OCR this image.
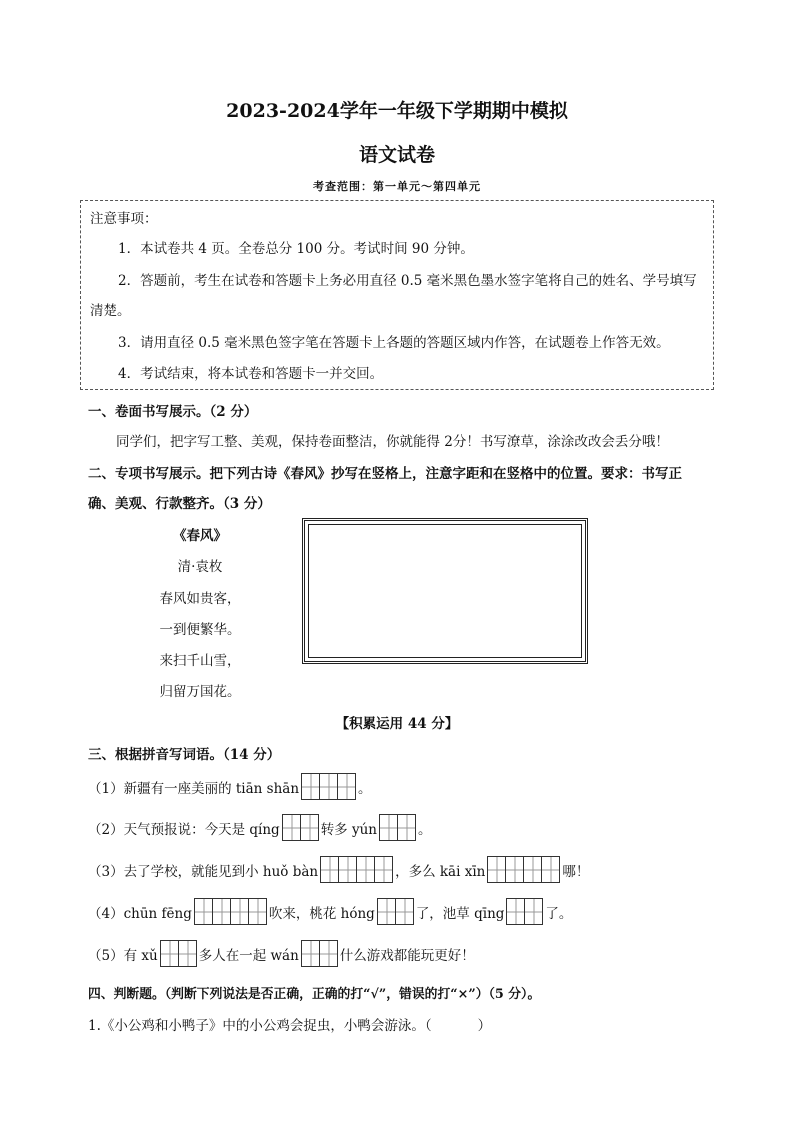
2023-2024学年一年级下学期期中模拟
语文试卷
考查范围：第一单元～第四单元
注意事项：
1．本试卷共 4 页。全卷总分 100 分。考试时间 90 分钟。
2．答题前，考生在试卷和答题卡上务必用直径 0.5 毫米黑色墨水签字笔将自己的姓名、学号填写
清楚。
3．请用直径 0.5 毫米黑色签字笔在答题卡上各题的答题区域内作答，在试题卷上作答无效。
4．考试结束，将本试卷和答题卡一并交回。
一、卷面书写展示。（2 分）
同学们，把字写工整、美观，保持卷面整洁，你就能得 2分！书写潦草，涂涂改改会丢分哦！
二、专项书写展示。把下列古诗《春风》抄写在竖格上，注意字距和在竖格中的位置。要求：书写正
确、美观、行款整齐。（3 分）
《春风》
清·袁枚
春风如贵客，
一到便繁华。
来扫千山雪，
归留万国花。
【积累运用 44 分】
三、根据拼音写词语。（14 分）
（1）新疆有一座美丽的 tiān shān	。
（2）天气预报说：今天是 qíng	转多 yún	。
（3）去了学校，就能见到小 huǒ bàn	，多么 kāi xīn	哪！
（4）chūn fēng	吹来，桃花 hóng	了，池草 qīng	了。
（5）有 xǔ	多人在一起 wán	什么游戏都能玩更好！
四、判断题。（判断下列说法是否正确，正确的打“√”，错误的打“×”）（5 分）。
1.《小公鸡和小鸭子》中的小公鸡会捉虫，小鸭会游泳。（	）
